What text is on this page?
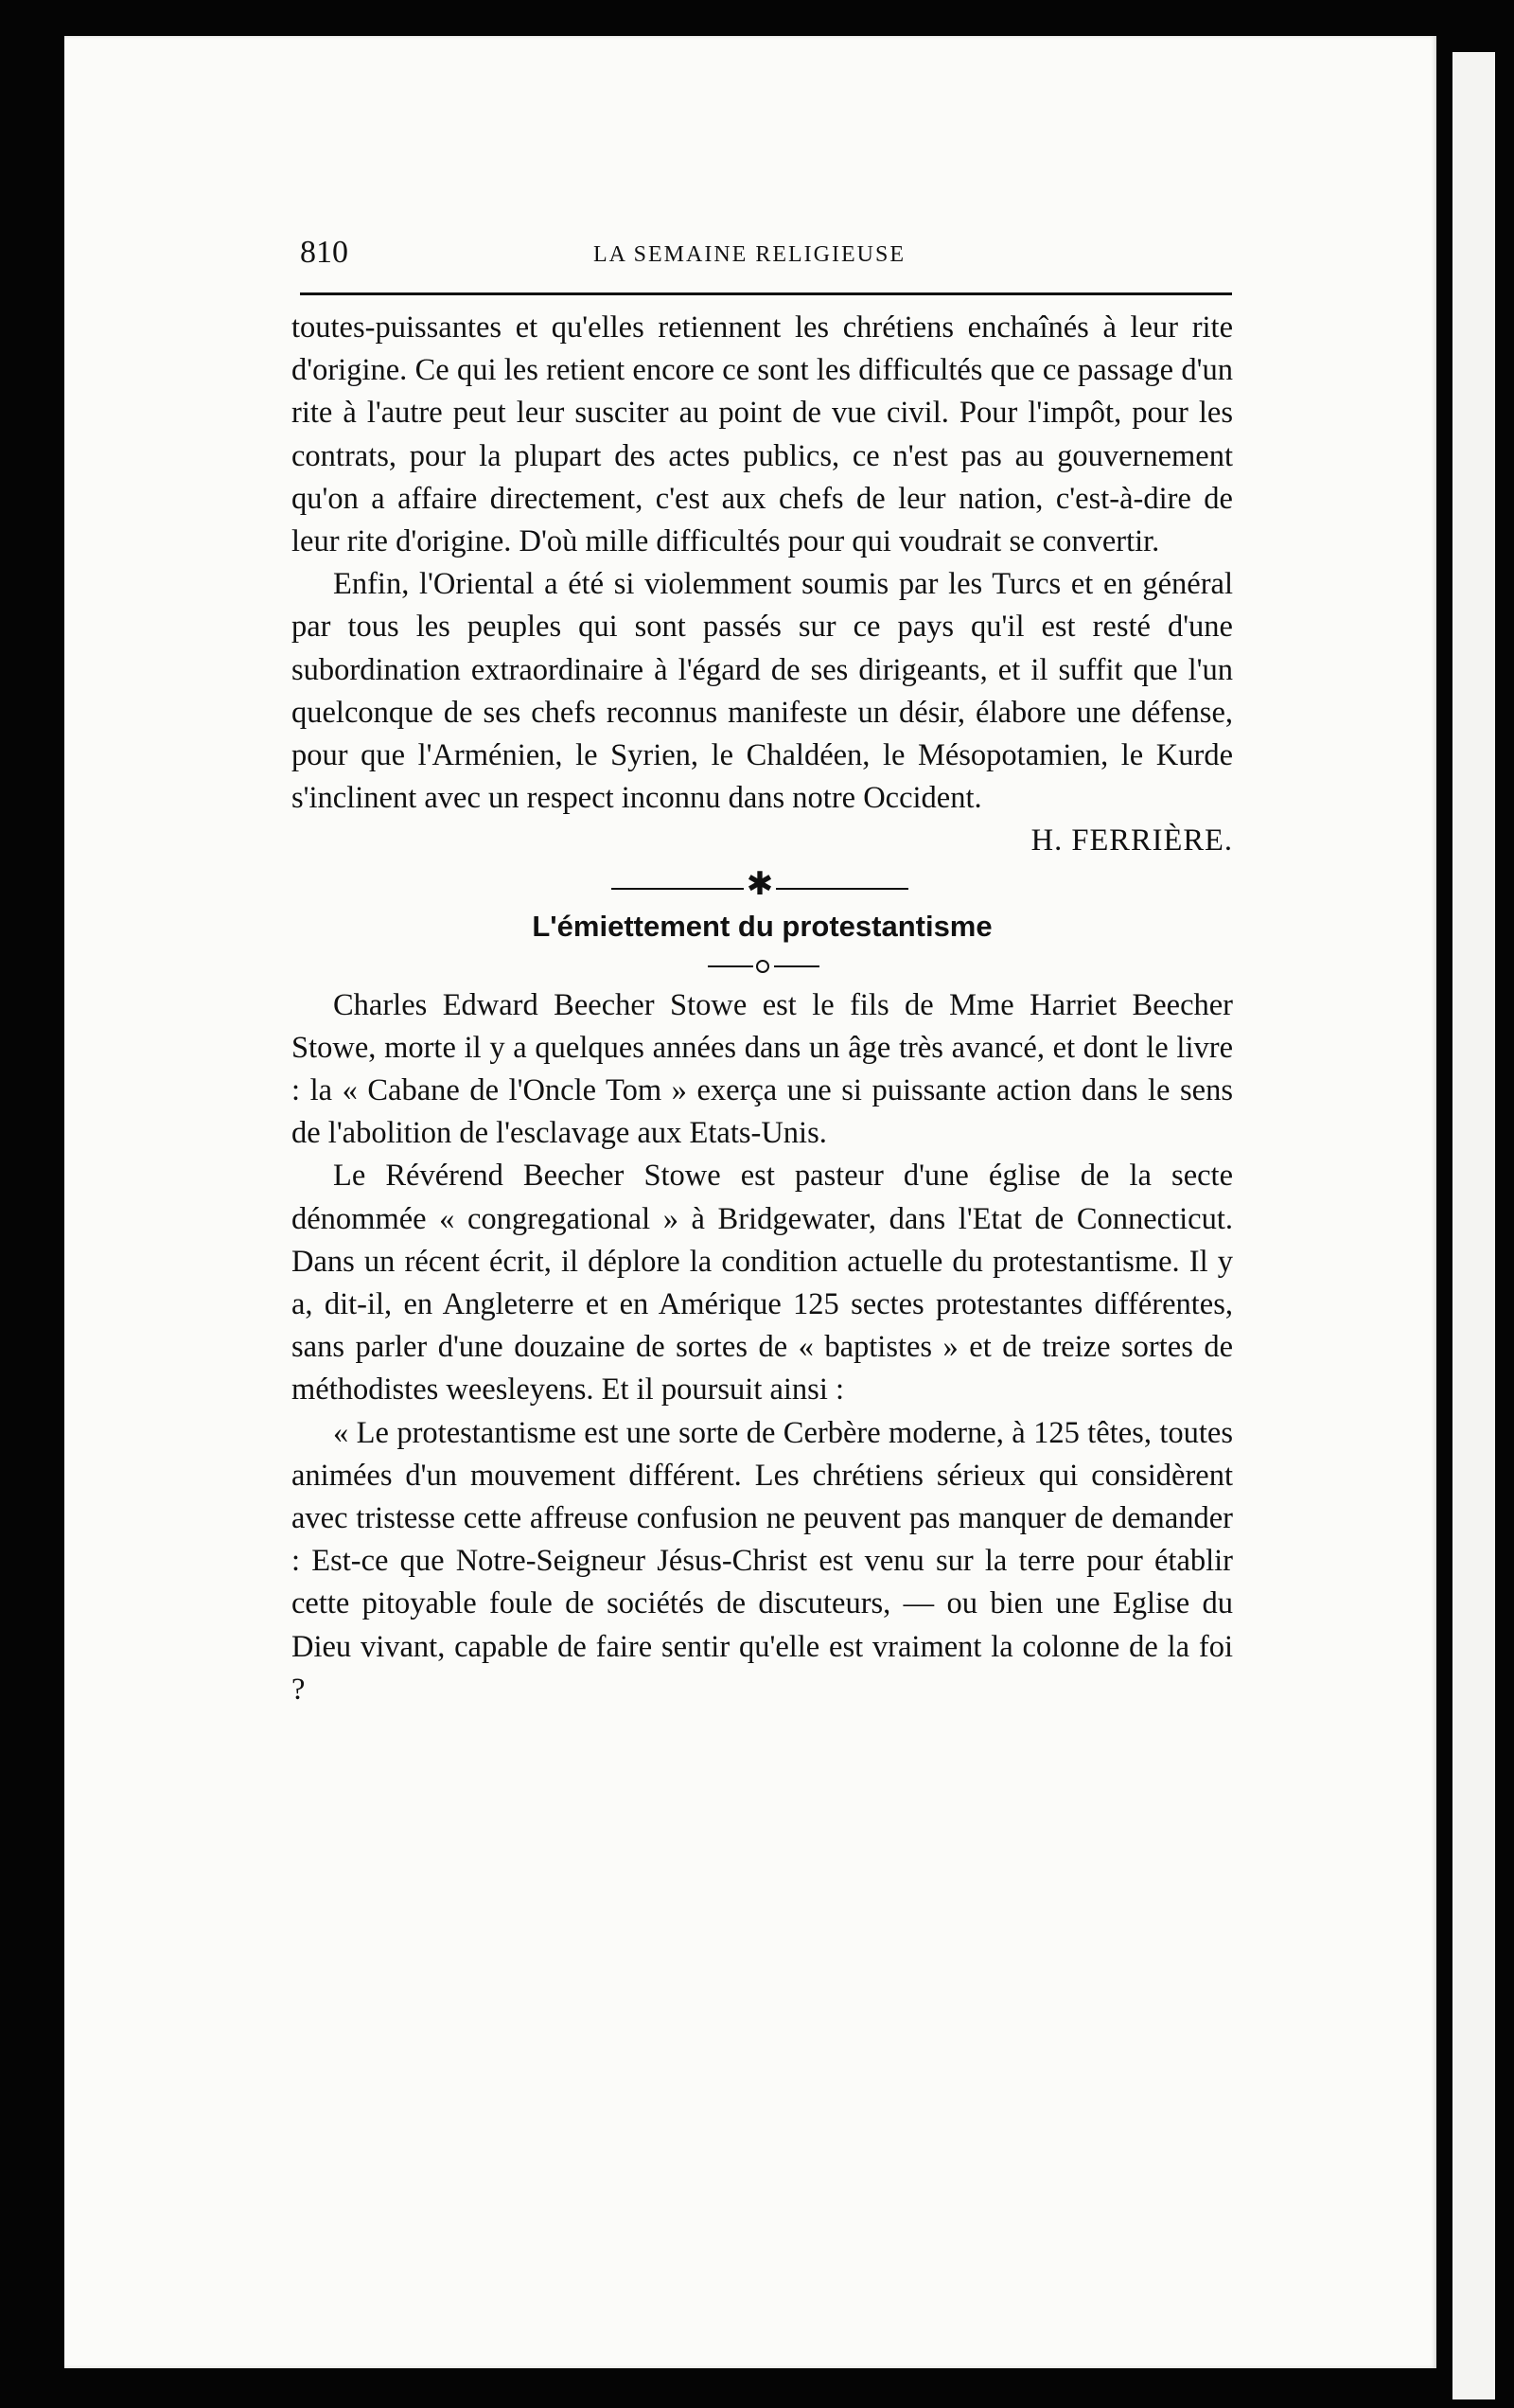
810	LA SEMAINE RELIGIEUSE

toutes-puissantes et qu'elles retiennent les chrétiens enchaînés à leur rite d'origine. Ce qui les retient encore ce sont les difficultés que ce passage d'un rite à l'autre peut leur susciter au point de vue civil. Pour l'impôt, pour les contrats, pour la plupart des actes publics, ce n'est pas au gouvernement qu'on a affaire directement, c'est aux chefs de leur nation, c'est-à-dire de leur rite d'origine. D'où mille difficultés pour qui voudrait se convertir.

Enfin, l'Oriental a été si violemment soumis par les Turcs et en général par tous les peuples qui sont passés sur ce pays qu'il est resté d'une subordination extraordinaire à l'égard de ses dirigeants, et il suffit que l'un quelconque de ses chefs reconnus manifeste un désir, élabore une défense, pour que l'Arménien, le Syrien, le Chaldéen, le Mésopotamien, le Kurde s'inclinent avec un respect inconnu dans notre Occident.

H. FERRIÈRE.

✱
L'émiettement du protestantisme

Charles Edward Beecher Stowe est le fils de Mme Harriet Beecher Stowe, morte il y a quelques années dans un âge très avancé, et dont le livre : la « Cabane de l'Oncle Tom » exerça une si puissante action dans le sens de l'abolition de l'esclavage aux Etats-Unis.

Le Révérend Beecher Stowe est pasteur d'une église de la secte dénommée « congregational » à Bridgewater, dans l'Etat de Connecticut. Dans un récent écrit, il déplore la condition actuelle du protestantisme. Il y a, dit-il, en Angleterre et en Amérique 125 sectes protestantes différentes, sans parler d'une douzaine de sortes de « baptistes » et de treize sortes de méthodistes weesleyens. Et il poursuit ainsi :

« Le protestantisme est une sorte de Cerbère moderne, à 125 têtes, toutes animées d'un mouvement différent. Les chrétiens sérieux qui considèrent avec tristesse cette affreuse confusion ne peuvent pas manquer de demander : Est-ce que Notre-Seigneur Jésus-Christ est venu sur la terre pour établir cette pitoyable foule de sociétés de discuteurs, — ou bien une Eglise du Dieu vivant, capable de faire sentir qu'elle est vraiment la colonne de la foi ?
